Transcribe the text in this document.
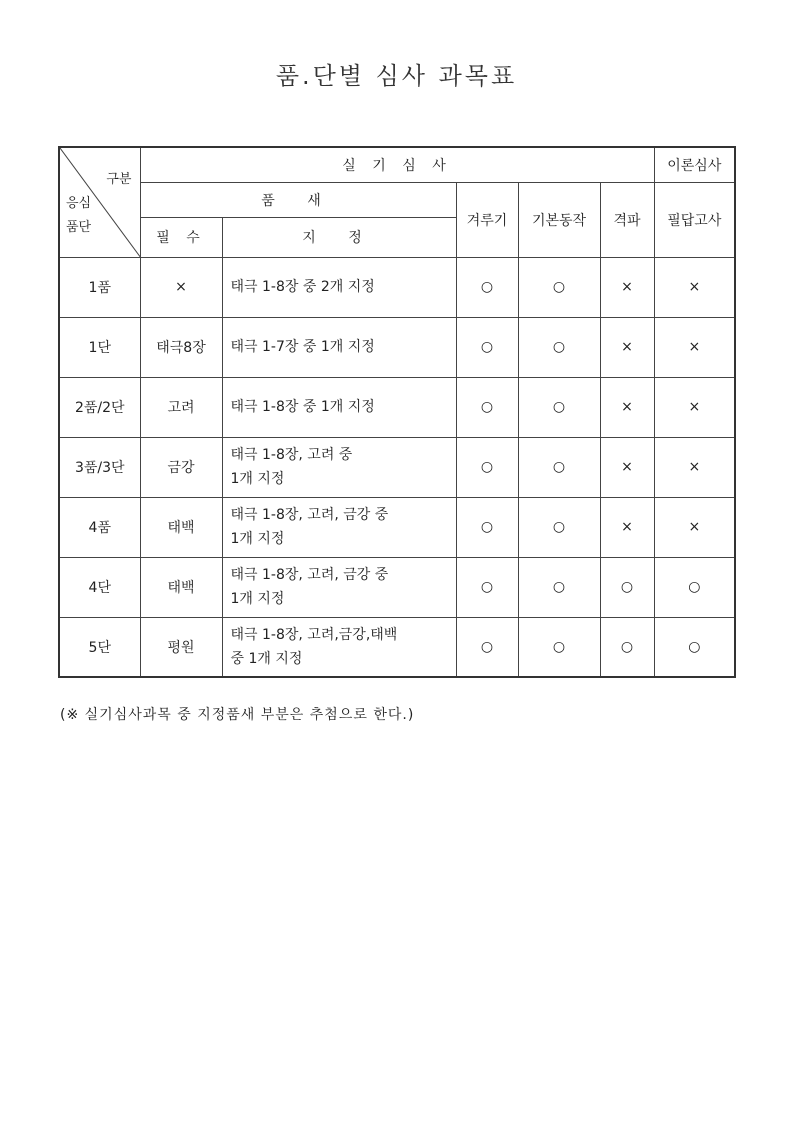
품.단별 심사 과목표
구분
응심
품단	실 기 심 사					이론심사
	품 새		겨루기	기본동작	격파	필답고사
	필 수	지 정				
1품	×	태극 1-8장 중 2개 지정	○	○	×	×
1단	태극8장	태극 1-7장 중 1개 지정	○	○	×	×
2품/2단	고려	태극 1-8장 중 1개 지정	○	○	×	×
3품/3단	금강	태극 1-8장, 고려 중
1개 지정	○	○	×	×
4품	태백	태극 1-8장, 고려, 금강 중
1개 지정	○	○	×	×
4단	태백	태극 1-8장, 고려, 금강 중
1개 지정	○	○	○	○
5단	평원	태극 1-8장, 고려,금강,태백
중 1개 지정	○	○	○	○
(※ 실기심사과목 중 지정품새 부분은 추첨으로 한다.)
